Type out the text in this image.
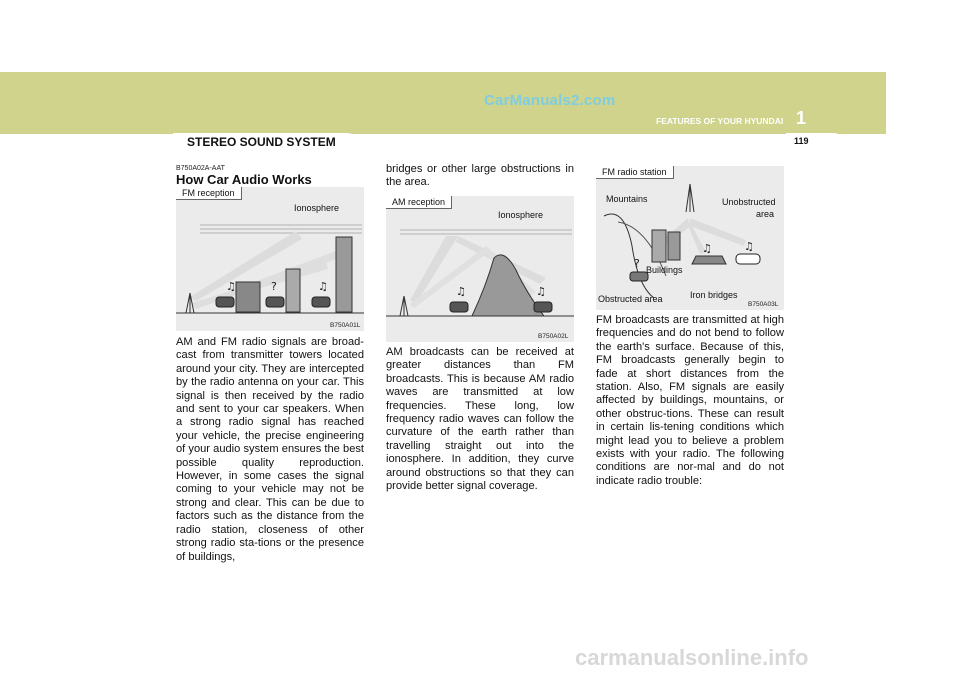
CarManuals2.com
1
FEATURES OF YOUR HYUNDAI
STEREO SOUND SYSTEM	119
B750A02A-AAT
How Car Audio Works
FM reception
Ionosphere
♫	?	♫
B750A01L
AM and FM radio signals are broad-cast from transmitter towers located around your city. They are intercepted by the radio antenna on your car. This signal is then received by the radio and sent to your car speakers. When a strong radio signal has reached your vehicle, the precise engineering of your audio system ensures the best possible quality reproduction. However, in some cases the signal coming to your vehicle may not be strong and clear. This can be due to factors such as the distance from the radio station, closeness of other strong radio sta-tions or the presence of buildings,
bridges or other large obstructions in the area.
AM reception
Ionosphere
♫	♫
B750A02L
AM broadcasts can be received at greater distances than FM broadcasts. This is because AM radio waves are transmitted at low frequencies. These long, low frequency radio waves can follow the curvature of the earth rather than travelling straight out into the ionosphere. In addition, they curve around obstructions so that they can provide better signal coverage.
FM radio station
?
♫
♫
Mountains	Unobstructed
area
Buildings
Iron bridges
Obstructed area
B750A03L
FM broadcasts are transmitted at high frequencies and do not bend to follow the earth's surface. Because of this, FM broadcasts generally begin to fade at short distances from the station. Also, FM signals are easily affected by buildings, mountains, or other obstruc-tions. These can result in certain lis-tening conditions which might lead you to believe a problem exists with your radio. The following conditions are nor-mal and do not indicate radio trouble:
carmanualsonline.info
